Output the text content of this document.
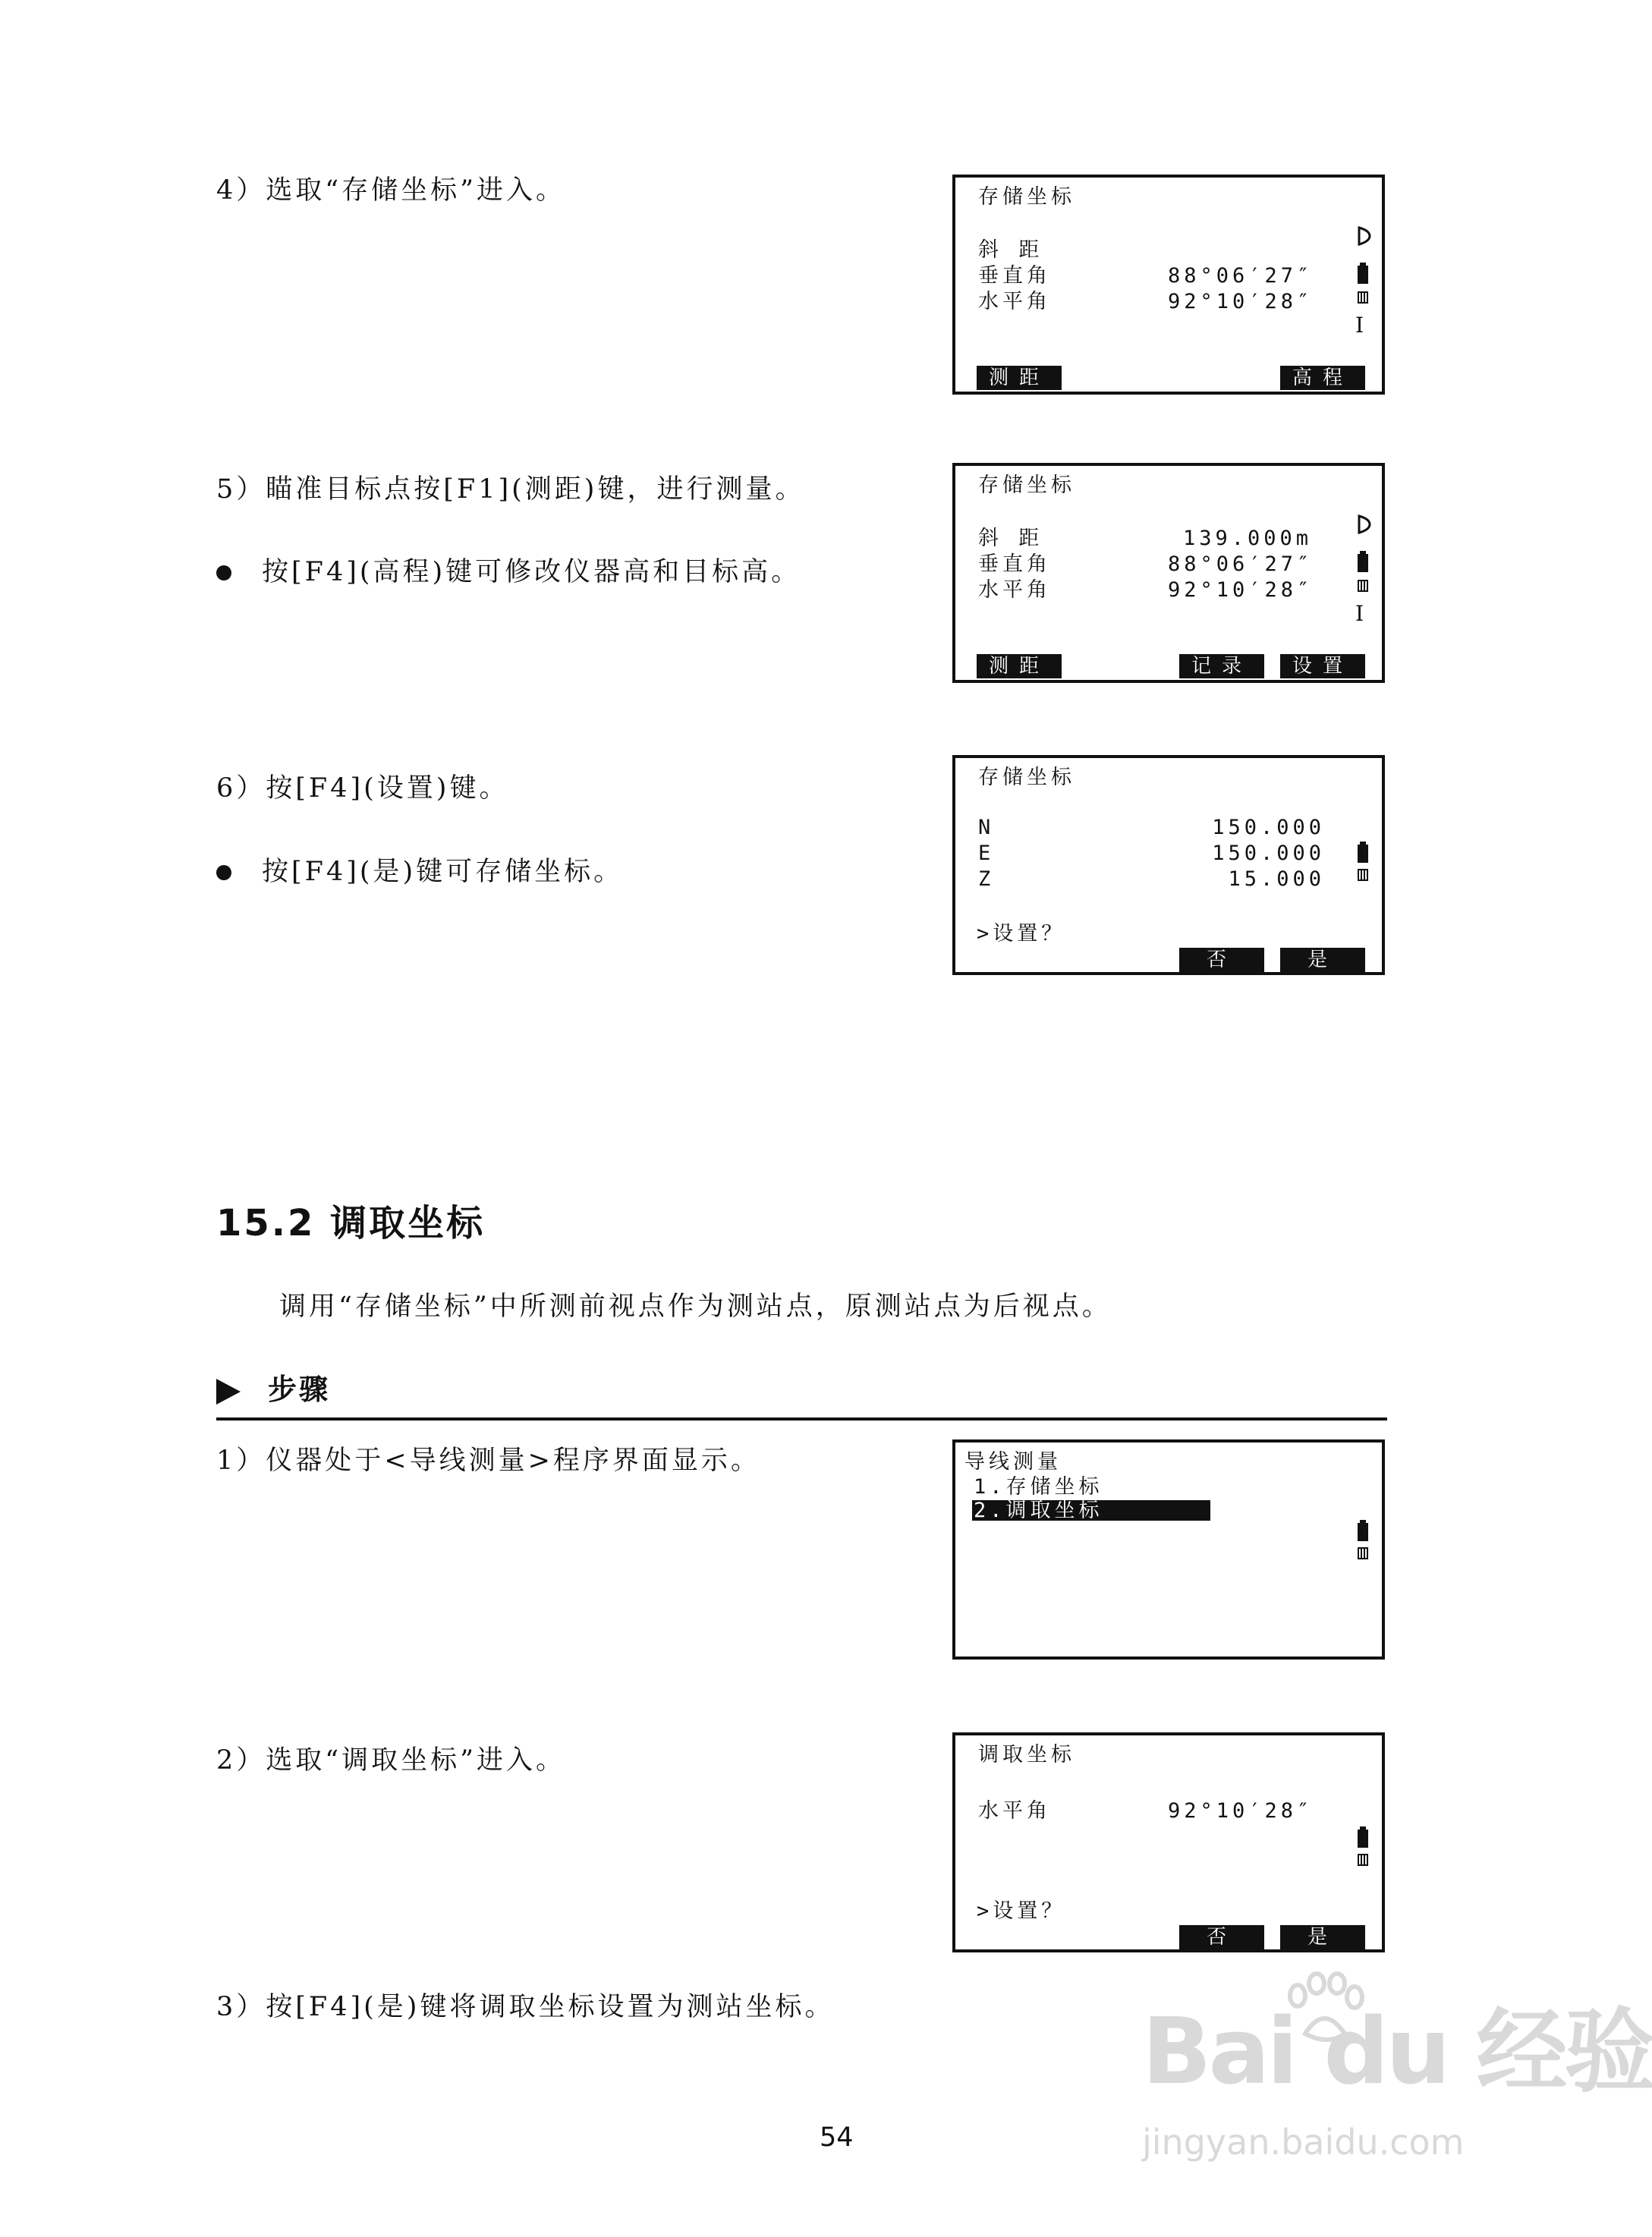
4）选取“存储坐标”进入。
5）瞄准目标点按[F1](测距)键，进行测量。
按[F4](高程)键可修改仪器高和目标高。
6）按[F4](设置)键。
按[F4](是)键可存储坐标。
存储坐标
斜 距
垂直角	88°06′27″
水平角	92°10′28″
I
测距	高程
存储坐标
斜 距	139.000m
垂直角	88°06′27″
水平角	92°10′28″
I
测距	记录	设置
存储坐标
N	150.000
E	150.000
Z	15.000
>设置？
否	是
15.2 调取坐标
调用“存储坐标”中所测前视点作为测站点，原测站点为后视点。
步骤
1）仪器处于<导线测量>程序界面显示。
2）选取“调取坐标”进入。
3）按[F4](是)键将调取坐标设置为测站坐标。
导线测量
1.存储坐标
2.调取坐标
调取坐标
水平角	92°10′28″
>设置？
否	是
54
Bai du 经验
jingyan.baidu.com
